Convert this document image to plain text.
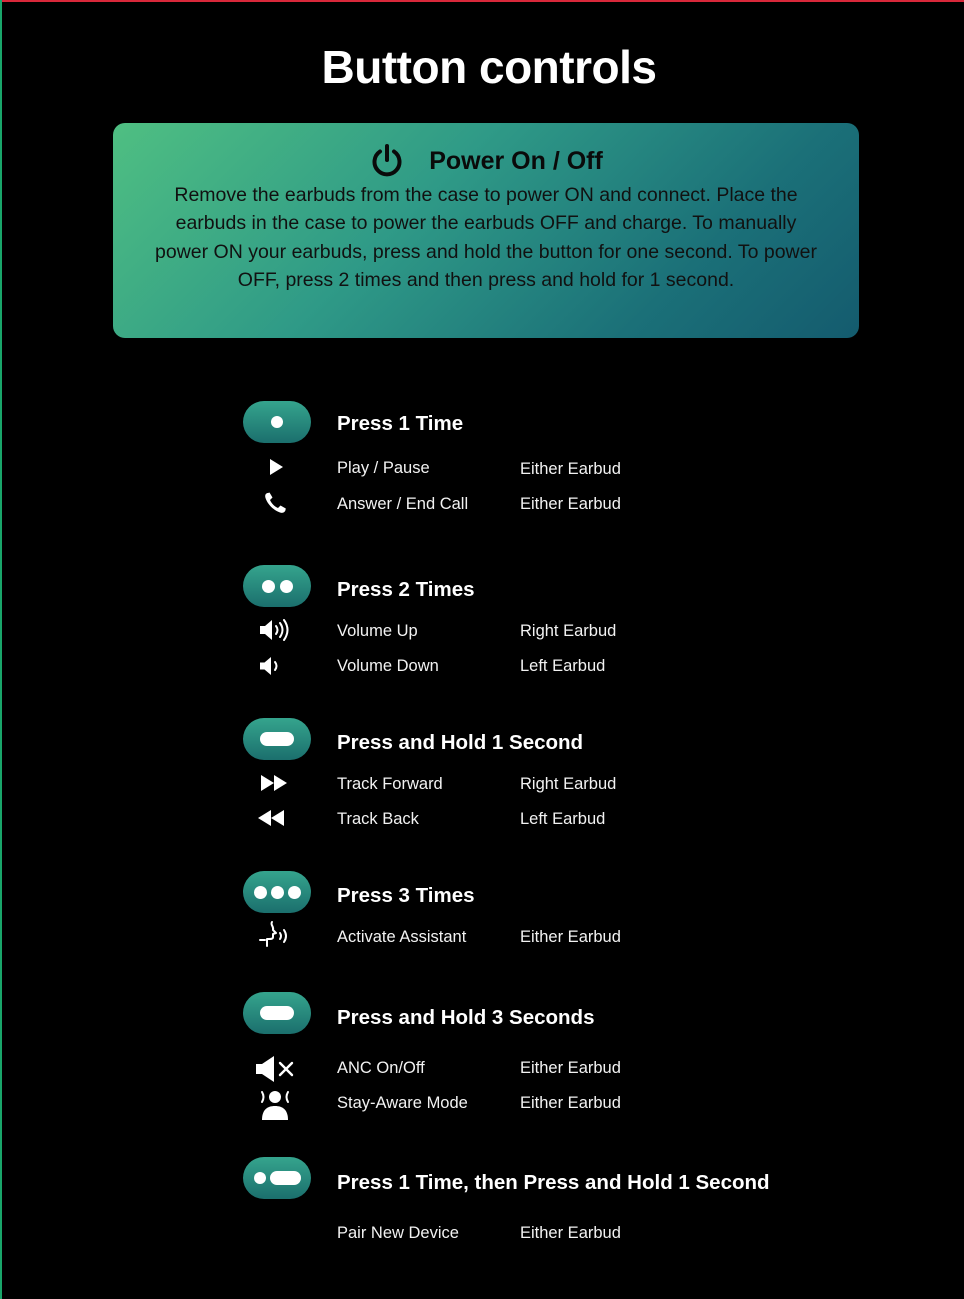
Button controls
Power On / Off
Remove the earbuds from the case to power ON and connect. Place the earbuds in the case to power the earbuds OFF and charge. To manually power ON your earbuds, press and hold the button for one second. To power OFF, press 2 times and then press and hold for 1 second.
Press 1 Time
Play / Pause	Either Earbud
Answer / End Call	Either Earbud
Press 2 Times
Volume Up	Right Earbud
Volume Down	Left Earbud
Press and Hold 1 Second
Track Forward	Right Earbud
Track Back	Left Earbud
Press 3 Times
Activate Assistant	Either Earbud
Press and Hold 3 Seconds
ANC On/Off	Either Earbud
Stay-Aware Mode	Either Earbud
Press 1 Time, then Press and Hold 1 Second
Pair New Device	Either Earbud
